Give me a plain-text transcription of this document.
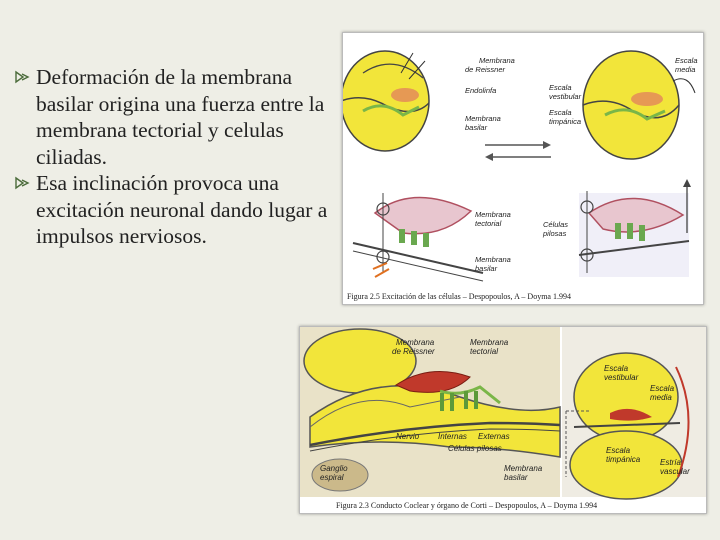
Deformación de la membrana basilar origina una fuerza entre la membrana tectorial y celulas ciliadas.
Esa inclinación provoca una excitación neuronal dando lugar a impulsos nerviosos.
Membrana
de Reissner
Endolinfa
Membrana
basilar
Escala
vestibular
Escala
timpánica
Escala
media
Membrana
tectorial	Células
pilosas
Membrana
basilar
Figura 2.5 Excitación de las células – Despopoulos, A – Doyma 1.994
Membrana
de Reissner
Membrana
tectorial
Nervio Internas Externas
Células pilosas
Ganglio
espiral
Membrana
basilar
Escala
vestibular
Escala
media
Escala
timpánica Estría
vascular
Figura 2.3 Conducto Coclear y órgano de Corti – Despopoulos, A – Doyma 1.994
